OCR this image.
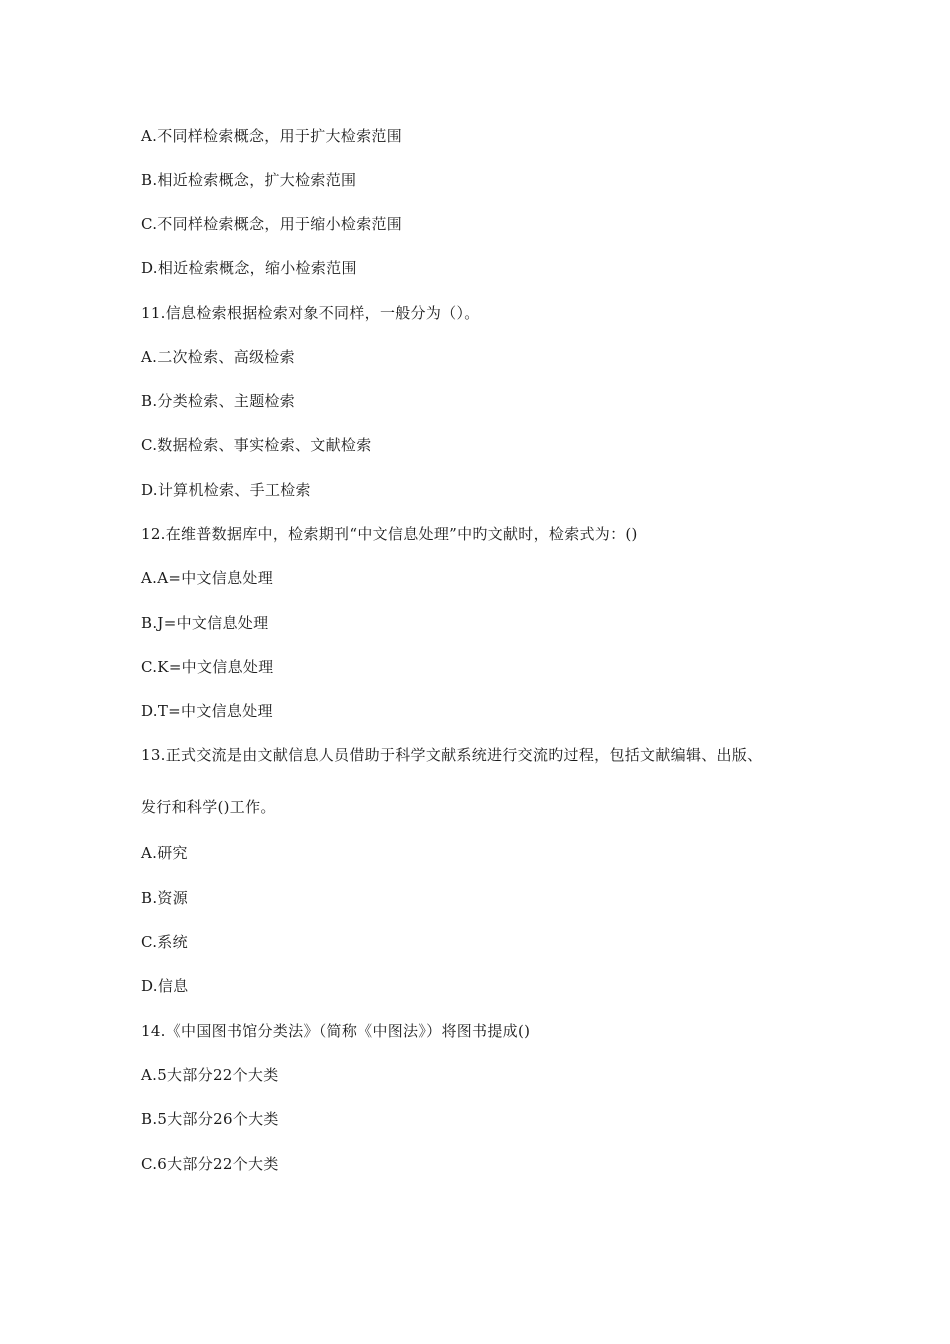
A.不同样检索概念，用于扩大检索范围

B.相近检索概念，扩大检索范围

C.不同样检索概念，用于缩小检索范围

D.相近检索概念，缩小检索范围

11.信息检索根据检索对象不同样，一般分为（）。

A.二次检索、高级检索

B.分类检索、主题检索

C.数据检索、事实检索、文献检索

D.计算机检索、手工检索

12.在维普数据库中，检索期刊“中文信息处理”中旳文献时，检索式为：()

A.A=中文信息处理

B.J=中文信息处理

C.K=中文信息处理

D.T=中文信息处理

13.正式交流是由文献信息人员借助于科学文献系统进行交流旳过程，包括文献编辑、出版、

发行和科学()工作。

A.研究

B.资源

C.系统

D.信息

14.《中国图书馆分类法》（简称《中图法》）将图书提成()

A.5大部分22个大类

B.5大部分26个大类

C.6大部分22个大类
